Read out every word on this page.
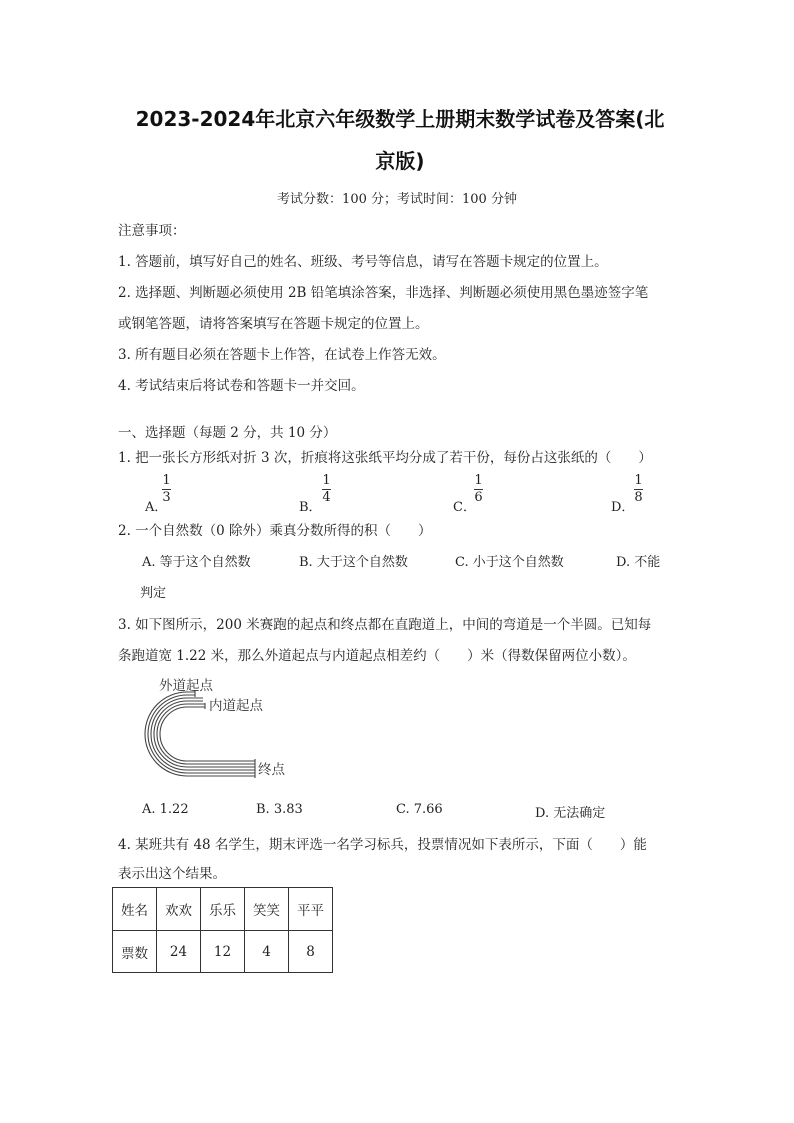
2023-2024年北京六年级数学上册期末数学试卷及答案(北
京版)
考试分数：100 分；考试时间：100 分钟
注意事项：
1. 答题前，填写好自己的姓名、班级、考号等信息，请写在答题卡规定的位置上。
2. 选择题、判断题必须使用 2B 铅笔填涂答案，非选择、判断题必须使用黑色墨迹签字笔
或钢笔答题，请将答案填写在答题卡规定的位置上。
3. 所有题目必须在答题卡上作答，在试卷上作答无效。
4. 考试结束后将试卷和答题卡一并交回。
一、选择题（每题 2 分，共 10 分）
1. 把一张长方形纸对折 3 次，折痕将这张纸平均分成了若干份，每份占这张纸的（　　）
A．
1
3
B．
1
4
C．
1
6
D．
1
8
2. 一个自然数（0 除外）乘真分数所得的积（　　）
A. 等于这个自然数	B. 大于这个自然数	C. 小于这个自然数	D. 不能
判定
3. 如下图所示，200 米赛跑的起点和终点都在直跑道上，中间的弯道是一个半圆。已知每
条跑道宽 1.22 米，那么外道起点与内道起点相差约（　　）米（得数保留两位小数）。
外道起点
内道起点
终点
A. 1.22	B. 3.83	C. 7.66	D. 无法确定
4. 某班共有 48 名学生，期末评选一名学习标兵，投票情况如下表所示，下面（　　）能
表示出这个结果。
姓名	欢欢	乐乐	笑笑	平平
票数	24	12	4	8
